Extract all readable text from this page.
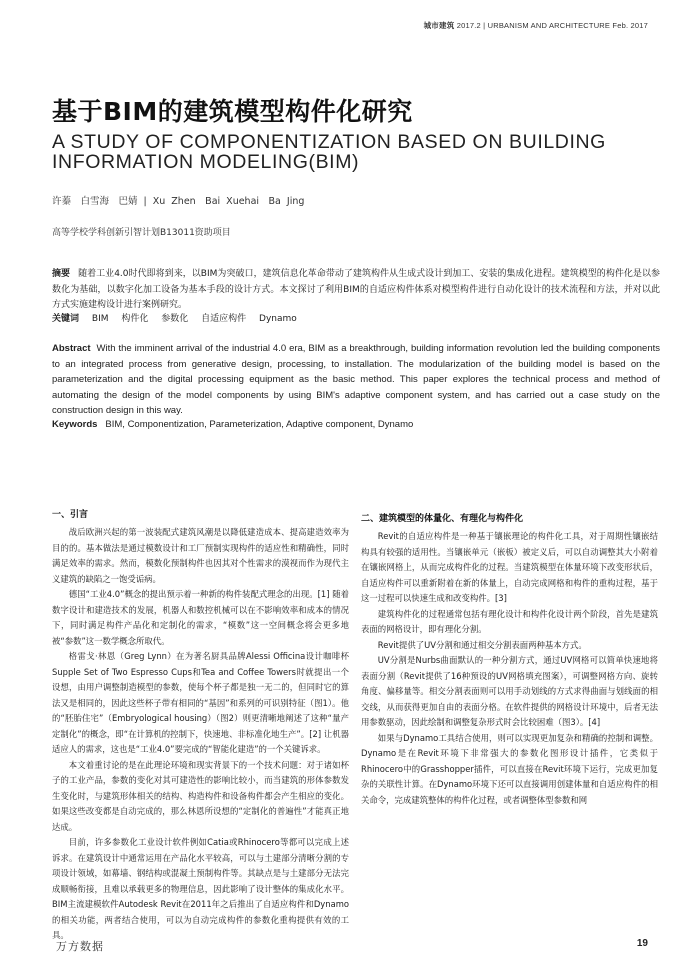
城市建筑 2017.2 | URBANISM AND ARCHITECTURE Feb. 2017
基于BIM的建筑模型构件化研究
A STUDY OF COMPONENTIZATION BASED ON BUILDING INFORMATION MODELING(BIM)
许蓁　白雪海　巴婧 | Xu Zhen　Bai Xuehai　Ba Jing
高等学校学科创新引智计划B13011资助项目
摘要 随着工业4.0时代即将到来，以BIM为突破口，建筑信息化革命带动了建筑构件从生成式设计到加工、安装的集成化进程。建筑模型的构件化是以参数化为基础，以数字化加工设备为基本手段的设计方式。本文探讨了利用BIM的自适应构件体系对模型构件进行自动化设计的技术流程和方法，并对以此方式实施建构设计进行案例研究。
关键词 BIM 构件化 参数化 自适应构件 Dynamo
Abstract With the imminent arrival of the industrial 4.0 era, BIM as a breakthrough, building information revolution led the building components to an integrated process from generative design, processing, to installation. The modularization of the building model is based on the parameterization and the digital processing equipment as the basic method. This paper explores the technical process and method of automating the design of the model components by using BIM's adaptive component system, and has carried out a case study on the construction design in this way.
Keywords BIM, Componentization, Parameterization, Adaptive component, Dynamo
一、引言

战后欧洲兴起的第一波装配式建筑风潮是以降低建造成本、提高建造效率为目的的。基本做法是通过模数设计和工厂预制实现构件的适应性和精确性，同时满足效率的需求。然而，模数化预制构件也因其对个性需求的漠视而作为现代主义建筑的缺陷之一饱受诟病。

德国“工业4.0”概念的提出预示着一种新的构件装配式理念的出现。[1] 随着数字设计和建造技术的发展，机器人和数控机械可以在不影响效率和成本的情况下，同时满足构件产品化和定制化的需求，“模数”这一空间概念将会更多地被“参数”这一数学概念所取代。

格雷戈·林恩（Greg Lynn）在为著名厨具品牌Alessi Officina设计咖啡杯Supple Set of Two Espresso Cups和Tea and Coffee Towers时就提出一个设想，由用户调整制造模型的参数，使每个杯子都是独一无二的，但同时它的算法又是相同的，因此这些杯子带有相同的“基因”和系列的可识别特征（图1）。他的“胚胎住宅”（Embryological housing）（图2）则更清晰地阐述了这种“量产定制化”的概念，即“在计算机的控制下，快速地、非标准化地生产”。[2] 让机器适应人的需求，这也是“工业4.0”要完成的“智能化建造”的一个关键诉求。

本文着重讨论的是在此理论环境和现实背景下的一个技术问题：对于诸如杯子的工业产品，参数的变化对其可建造性的影响比较小，而当建筑的形体参数发生变化时，与建筑形体相关的结构、构造构件和设备构件都会产生相应的变化。如果这些改变都是自动完成的，那么林恩所设想的“定制化的普遍性”才能真正地达成。

目前，许多参数化工业设计软件例如Catia或Rhinocero等都可以完成上述诉求。在建筑设计中通常运用在产品化水平较高，可以与土建部分清晰分割的专项设计领域，如幕墙、钢结构或混凝土预制构件等。其缺点是与土建部分无法完成顺畅衔接，且难以承载更多的物理信息，因此影响了设计整体的集成化水平。BIM主流建模软件Autodesk Revit在2011年之后推出了自适应构件和Dynamo的相关功能，两者结合使用，可以为自动完成构件的参数化重构提供有效的工具。

二、建筑模型的体量化、有理化与构件化

Revit的自适应构件是一种基于镶嵌理论的构件化工具，对于周期性镶嵌结构具有较强的适用性。当镶嵌单元（嵌板）被定义后，可以自动调整其大小附着在镶嵌网格上，从而完成构件化的过程。当建筑模型在体量环境下改变形状后，自适应构件可以重新附着在新的体量上，自动完成网格和构件的重构过程，基于这一过程可以快速生成和改变构件。[3]

建筑构件化的过程通常包括有理化设计和构件化设计两个阶段，首先是建筑表面的网格设计，即有理化分割。

Revit提供了UV分割和通过相交分割表面两种基本方式。

UV分割是Nurbs曲面默认的一种分割方式，通过UV网格可以简单快速地将表面分割（Revit提供了16种预设的UV网格填充图案），可调整网格方向、旋转角度、偏移量等。相交分割表面则可以用手动划线的方式求得曲面与划线面的相交线，从而获得更加自由的表面分格。在软件提供的网格设计环境中，后者无法用参数驱动，因此绘制和调整复杂形式时会比较困难（图3）。[4]

如果与Dynamo工具结合使用，则可以实现更加复杂和精确的控制和调整。Dynamo是在Revit环境下非常强大的参数化图形设计插件，它类似于Rhinocero中的Grasshopper插件，可以直接在Revit环境下运行，完成更加复杂的关联性计算。在Dynamo环境下还可以直接调用创建体量和自适应构件的相关命令，完成建筑整体的构件化过程，或者调整体型参数和网

万方数据	19
